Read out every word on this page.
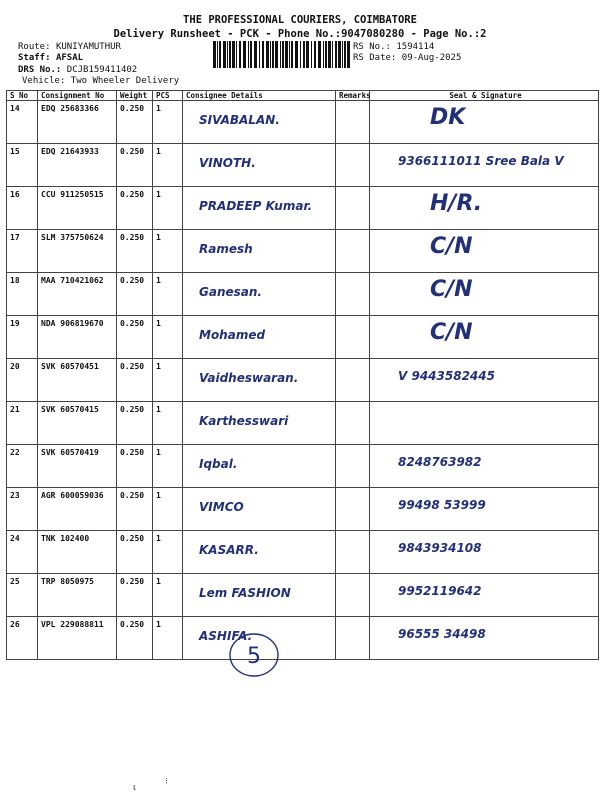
THE PROFESSIONAL COURIERS, COIMBATORE
Delivery Runsheet - PCK - Phone No.:9047080280 - Page No.:2
Route: KUNIYAMUTHUR
Staff: AFSAL
DRS No.: DCJB159411402
Vehicle: Two Wheeler Delivery
RS No.: 1594114
RS Date: 09-Aug-2025
S No	Consignment No	Weight	PCS	Consignee Details	Remarks	Seal & Signature
14	EDQ 25683366	0.250	1	SIVABALAN.		DK

15	EDQ 21643933	0.250	1	VINOTH.		9366111011 Sree Bala V

16	CCU 911250515	0.250	1	PRADEEP Kumar.		H/R.

17	SLM 375750624	0.250	1	Ramesh		C/N

18	MAA 710421062	0.250	1	Ganesan.		C/N

19	NDA 906819670	0.250	1	Mohamed		C/N

20	SVK 60570451	0.250	1	Vaidheswaran.		V 9443582445

21	SVK 60570415	0.250	1	Karthesswari		

22	SVK 60570419	0.250	1	Iqbal.		8248763982

23	AGR 600059036	0.250	1	VIMCO		99498 53999

24	TNK 102400	0.250	1	KASARR.		9843934108

25	TRP 8050975	0.250	1	Lem FASHION		9952119642

26	VPL 229088811	0.250	1	ASHIFA.		96555 34498
5
ɩ
⁝
